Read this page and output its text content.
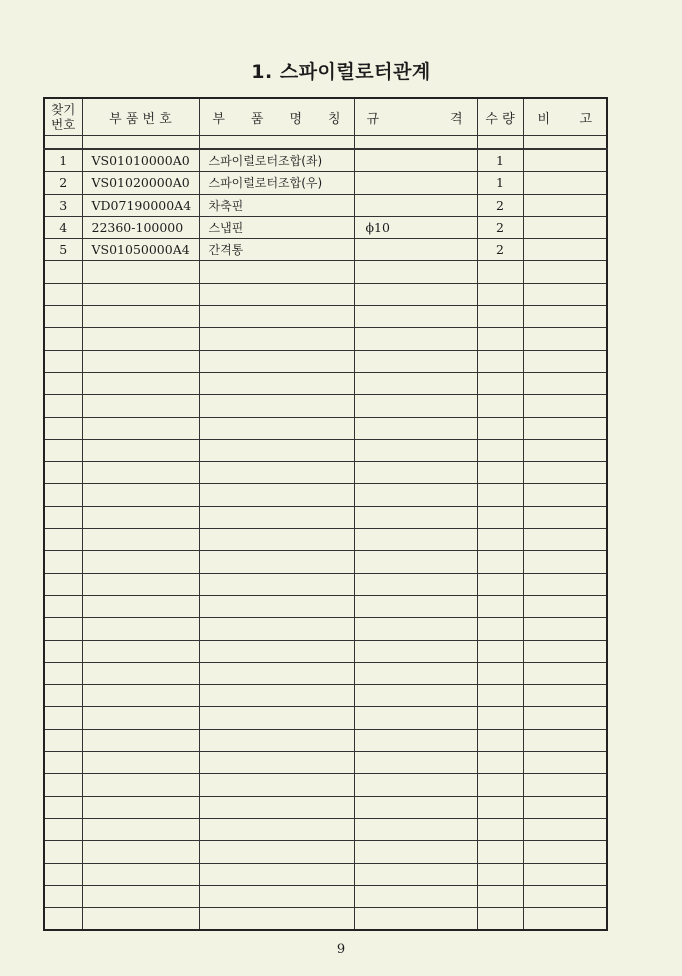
1. 스파이럴로터관계
찾기
번호	부 품 번 호	부　　품　　명　　칭	규 격	수 량	비 고

1	VS01010000A0	스파이럴로터조합(좌)		1	
2	VS01020000A0	스파이럴로터조합(우)		1	
3	VD07190000A4	차축핀		2	
4	22360-100000	스냅핀	ϕ10	2	
5	VS01050000A4	간격통		2	

9
